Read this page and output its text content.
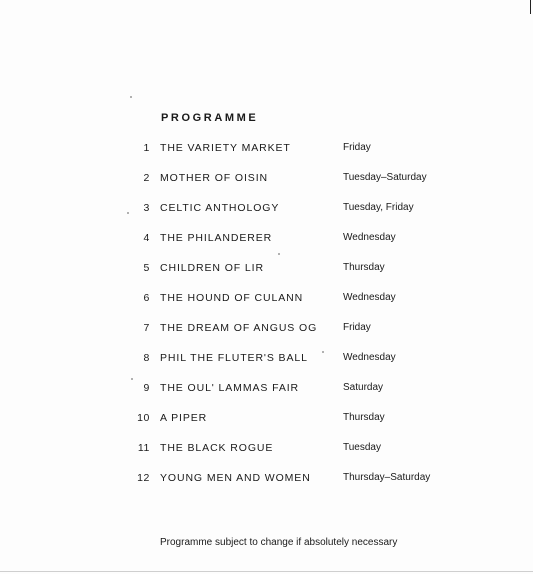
PROGRAMME
1 THE VARIETY MARKET	Friday
2 MOTHER OF OISIN	Tuesday–Saturday
3 CELTIC ANTHOLOGY	Tuesday, Friday
4 THE PHILANDERER	Wednesday
5 CHILDREN OF LIR	Thursday
6 THE HOUND OF CULANN	Wednesday
7 THE DREAM OF ANGUS OG	Friday
8 PHIL THE FLUTER'S BALL	Wednesday
9 THE OUL' LAMMAS FAIR	Saturday
10 A PIPER	Thursday
11 THE BLACK ROGUE	Tuesday
12 YOUNG MEN AND WOMEN	Thursday–Saturday

Programme subject to change if absolutely necessary
